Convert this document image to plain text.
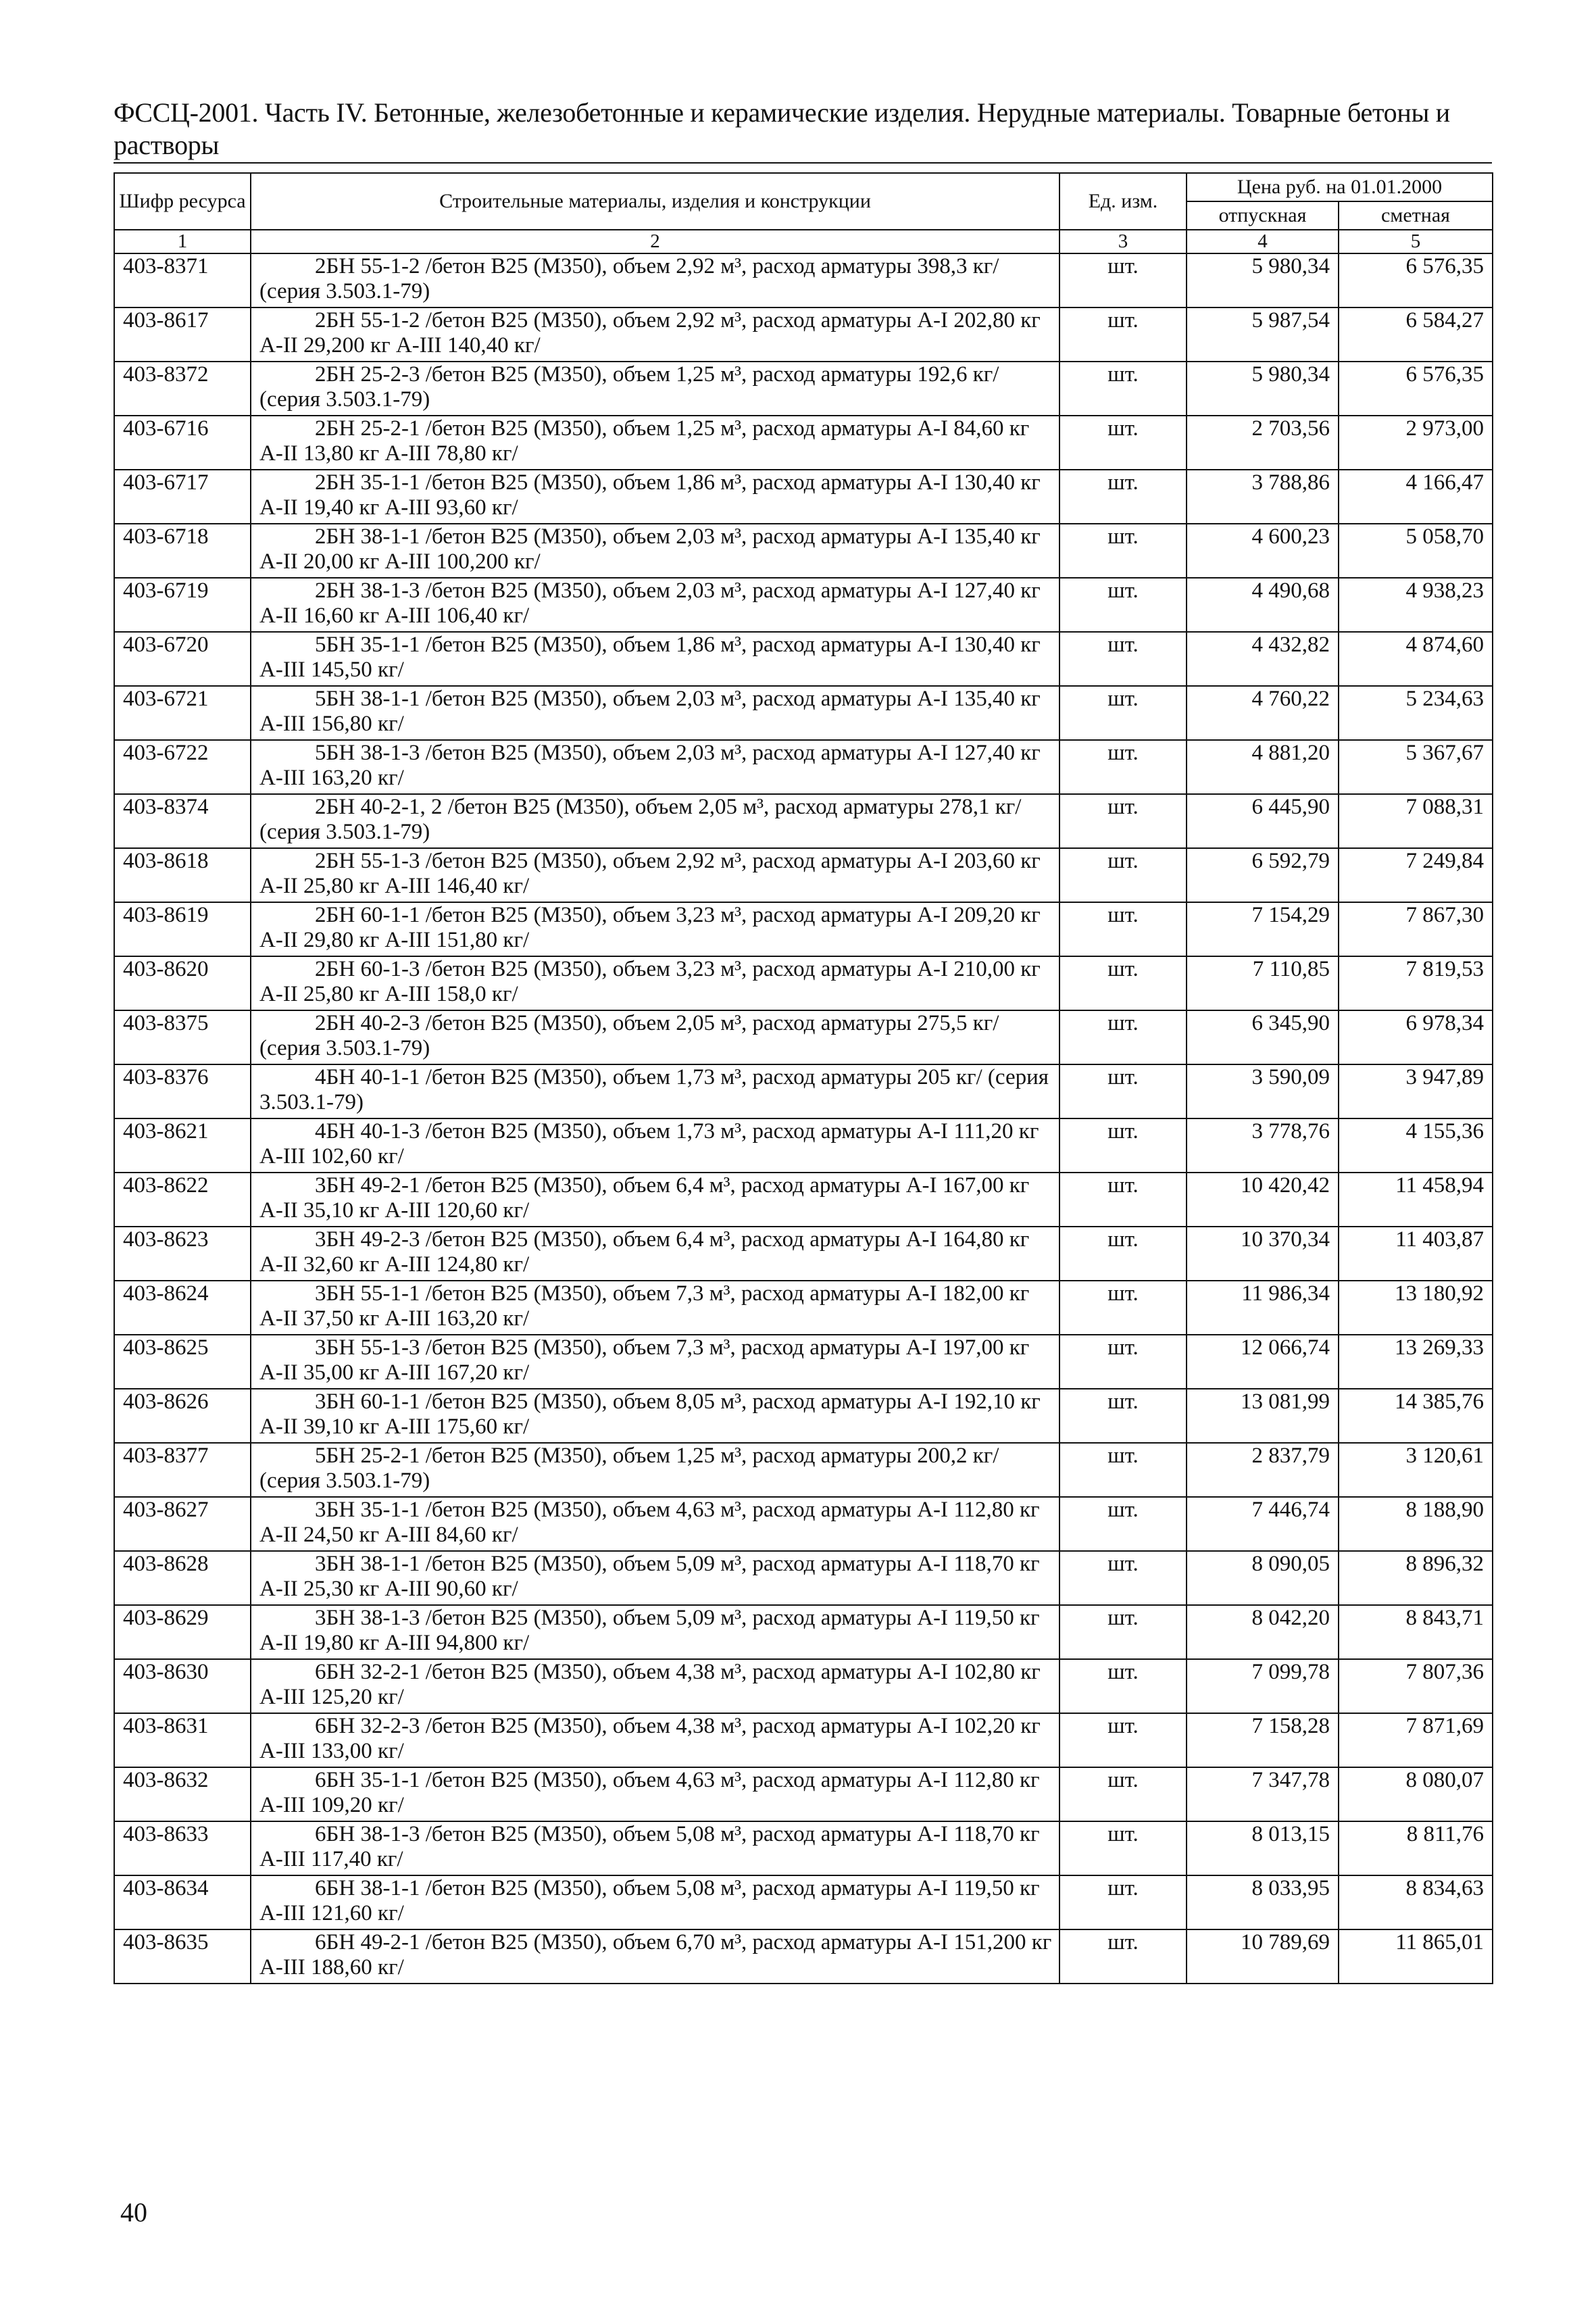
ФССЦ-2001. Часть IV. Бетонные, железобетонные и керамические изделия. Нерудные материалы. Товарные бетоны и растворы
Шифр ресурса	Строительные материалы, изделия и конструкции	Ед. изм.	Цена руб. на 01.01.2000	
			отпускная	сметная
1	2	3	4	5
403-8371	2БН 55-1-2 /бетон В25 (М350), объем 2,92 м³, расход арматуры 398,3 кг/ (серия 3.503.1-79)	шт.	5 980,34	6 576,35
403-8617	2БН 55-1-2 /бетон В25 (М350), объем 2,92 м³, расход арматуры А-I 202,80 кг А-II 29,200 кг А-III 140,40 кг/	шт.	5 987,54	6 584,27
403-8372	2БН 25-2-3 /бетон В25 (М350), объем 1,25 м³, расход арматуры 192,6 кг/ (серия 3.503.1-79)	шт.	5 980,34	6 576,35
403-6716	2БН 25-2-1 /бетон В25 (М350), объем 1,25 м³, расход арматуры А-I 84,60 кг А-II 13,80 кг А-III 78,80 кг/	шт.	2 703,56	2 973,00
403-6717	2БН 35-1-1 /бетон В25 (М350), объем 1,86 м³, расход арматуры А-I 130,40 кг А-II 19,40 кг А-III 93,60 кг/	шт.	3 788,86	4 166,47
403-6718	2БН 38-1-1 /бетон В25 (М350), объем 2,03 м³, расход арматуры А-I 135,40 кг А-II 20,00 кг А-III 100,200 кг/	шт.	4 600,23	5 058,70
403-6719	2БН 38-1-3 /бетон В25 (М350), объем 2,03 м³, расход арматуры А-I 127,40 кг А-II 16,60 кг А-III 106,40 кг/	шт.	4 490,68	4 938,23
403-6720	5БН 35-1-1 /бетон В25 (М350), объем 1,86 м³, расход арматуры А-I 130,40 кг А-III 145,50 кг/	шт.	4 432,82	4 874,60
403-6721	5БН 38-1-1 /бетон В25 (М350), объем 2,03 м³, расход арматуры А-I 135,40 кг А-III 156,80 кг/	шт.	4 760,22	5 234,63
403-6722	5БН 38-1-3 /бетон В25 (М350), объем 2,03 м³, расход арматуры А-I 127,40 кг А-III 163,20 кг/	шт.	4 881,20	5 367,67
403-8374	2БН 40-2-1, 2 /бетон В25 (М350), объем 2,05 м³, расход арматуры 278,1 кг/ (серия 3.503.1-79)	шт.	6 445,90	7 088,31
403-8618	2БН 55-1-3 /бетон В25 (М350), объем 2,92 м³, расход арматуры А-I 203,60 кг А-II 25,80 кг А-III 146,40 кг/	шт.	6 592,79	7 249,84
403-8619	2БН 60-1-1 /бетон В25 (М350), объем 3,23 м³, расход арматуры А-I 209,20 кг А-II 29,80 кг А-III 151,80 кг/	шт.	7 154,29	7 867,30
403-8620	2БН 60-1-3 /бетон В25 (М350), объем 3,23 м³, расход арматуры А-I 210,00 кг А-II 25,80 кг А-III 158,0 кг/	шт.	7 110,85	7 819,53
403-8375	2БН 40-2-3 /бетон В25 (М350), объем 2,05 м³, расход арматуры 275,5 кг/ (серия 3.503.1-79)	шт.	6 345,90	6 978,34
403-8376	4БН 40-1-1 /бетон В25 (М350), объем 1,73 м³, расход арматуры 205 кг/ (серия 3.503.1-79)	шт.	3 590,09	3 947,89
403-8621	4БН 40-1-3 /бетон В25 (М350), объем 1,73 м³, расход арматуры А-I 111,20 кг А-III 102,60 кг/	шт.	3 778,76	4 155,36
403-8622	3БН 49-2-1 /бетон В25 (М350), объем 6,4 м³, расход арматуры А-I 167,00 кг А-II 35,10 кг А-III 120,60 кг/	шт.	10 420,42	11 458,94
403-8623	3БН 49-2-3 /бетон В25 (М350), объем 6,4 м³, расход арматуры А-I 164,80 кг А-II 32,60 кг А-III 124,80 кг/	шт.	10 370,34	11 403,87
403-8624	3БН 55-1-1 /бетон В25 (М350), объем 7,3 м³, расход арматуры А-I 182,00 кг А-II 37,50 кг А-III 163,20 кг/	шт.	11 986,34	13 180,92
403-8625	3БН 55-1-3 /бетон В25 (М350), объем 7,3 м³, расход арматуры А-I 197,00 кг А-II 35,00 кг А-III 167,20 кг/	шт.	12 066,74	13 269,33
403-8626	3БН 60-1-1 /бетон В25 (М350), объем 8,05 м³, расход арматуры А-I 192,10 кг А-II 39,10 кг А-III 175,60 кг/	шт.	13 081,99	14 385,76
403-8377	5БН 25-2-1 /бетон В25 (М350), объем 1,25 м³, расход арматуры 200,2 кг/ (серия 3.503.1-79)	шт.	2 837,79	3 120,61
403-8627	3БН 35-1-1 /бетон В25 (М350), объем 4,63 м³, расход арматуры А-I 112,80 кг А-II 24,50 кг А-III 84,60 кг/	шт.	7 446,74	8 188,90
403-8628	3БН 38-1-1 /бетон В25 (М350), объем 5,09 м³, расход арматуры А-I 118,70 кг А-II 25,30 кг А-III 90,60 кг/	шт.	8 090,05	8 896,32
403-8629	3БН 38-1-3 /бетон В25 (М350), объем 5,09 м³, расход арматуры А-I 119,50 кг А-II 19,80 кг А-III 94,800 кг/	шт.	8 042,20	8 843,71
403-8630	6БН 32-2-1 /бетон В25 (М350), объем 4,38 м³, расход арматуры А-I 102,80 кг А-III 125,20 кг/	шт.	7 099,78	7 807,36
403-8631	6БН 32-2-3 /бетон В25 (М350), объем 4,38 м³, расход арматуры А-I 102,20 кг А-III 133,00 кг/	шт.	7 158,28	7 871,69
403-8632	6БН 35-1-1 /бетон В25 (М350), объем 4,63 м³, расход арматуры А-I 112,80 кг А-III 109,20 кг/	шт.	7 347,78	8 080,07
403-8633	6БН 38-1-3 /бетон В25 (М350), объем 5,08 м³, расход арматуры А-I 118,70 кг А-III 117,40 кг/	шт.	8 013,15	8 811,76
403-8634	6БН 38-1-1 /бетон В25 (М350), объем 5,08 м³, расход арматуры А-I 119,50 кг А-III 121,60 кг/	шт.	8 033,95	8 834,63
403-8635	6БН 49-2-1 /бетон В25 (М350), объем 6,70 м³, расход арматуры А-I 151,200 кг А-III 188,60 кг/	шт.	10 789,69	11 865,01
40
